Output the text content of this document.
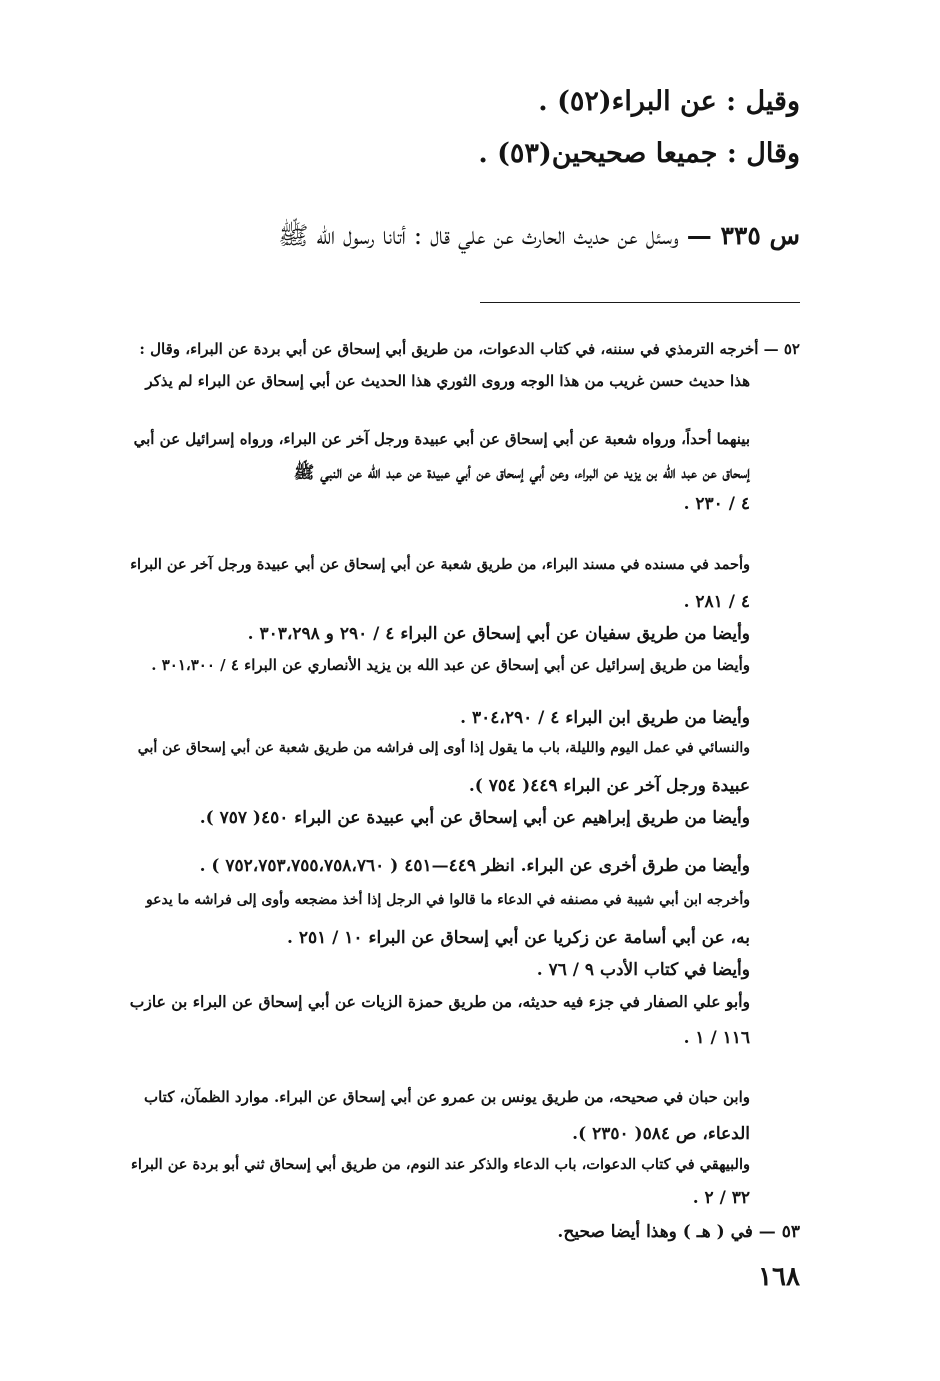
وقيل : عن البراء(٥٢) .
وقال : جميعا صحيحين(٥٣) .
س ٣٣٥ — وسئل عن حديث الحارث عن علي قال : أتانا رسول الله ﷺ
٥٢ — أخرجه الترمذي في سننه، في كتاب الدعوات، من طريق أبي إسحاق عن أبي بردة عن البراء، وقال :
هذا حديث حسن غريب من هذا الوجه وروى الثوري هذا الحديث عن أبي إسحاق عن البراء لم يذكر
بينهما أحداً، ورواه شعبة عن أبي إسحاق عن أبي عبيدة ورجل آخر عن البراء، ورواه إسرائيل عن أبي
إسحاق عن عبد الله بن يزيد عن البراء، وعن أبي إسحاق عن أبي عبيدة عن عبد الله عن النبي ﷺ
٤ / ٢٣٠ .
وأحمد في مسنده في مسند البراء، من طريق شعبة عن أبي إسحاق عن أبي عبيدة ورجل آخر عن البراء
٤ / ٢٨١ .
وأيضا من طريق سفيان عن أبي إسحاق عن البراء ٤ / ٢٩٠ و ٣٠٣،٢٩٨ .
وأيضا من طريق إسرائيل عن أبي إسحاق عن عبد الله بن يزيد الأنصاري عن البراء ٤ / ٣٠١،٣٠٠ .
وأيضا من طريق ابن البراء ٤ / ٣٠٤،٢٩٠ .
والنسائي في عمل اليوم والليلة، باب ما يقول إذا أوى إلى فراشه من طريق شعبة عن أبي إسحاق عن أبي
عبيدة ورجل آخر عن البراء ٤٤٩( ٧٥٤ ).
وأيضا من طريق إبراهيم عن أبي إسحاق عن أبي عبيدة عن البراء ٤٥٠( ٧٥٧ ).
وأيضا من طرق أخرى عن البراء. انظر ٤٤٩—٤٥١ ( ٧٥٢،٧٥٣،٧٥٥،٧٥٨،٧٦٠ ) .
وأخرجه ابن أبي شيبة في مصنفه في الدعاء ما قالوا في الرجل إذا أخذ مضجعه وأوى إلى فراشه ما يدعو
به، عن أبي أسامة عن زكريا عن أبي إسحاق عن البراء ١٠ / ٢٥١ .
وأيضا في كتاب الأدب ٩ / ٧٦ .
وأبو علي الصفار في جزء فيه حديثه، من طريق حمزة الزيات عن أبي إسحاق عن البراء بن عازب
١١٦ / ١ .
وابن حبان في صحيحه، من طريق يونس بن عمرو عن أبي إسحاق عن البراء. موارد الظمآن، كتاب
الدعاء، ص ٥٨٤( ٢٣٥٠ ).
والبيهقي في كتاب الدعوات، باب الدعاء والذكر عند النوم، من طريق أبي إسحاق ثني أبو بردة عن البراء
٣٢ / ٢ .
٥٣ — في ( هـ ) وهذا أيضا صحيح.
١٦٨
